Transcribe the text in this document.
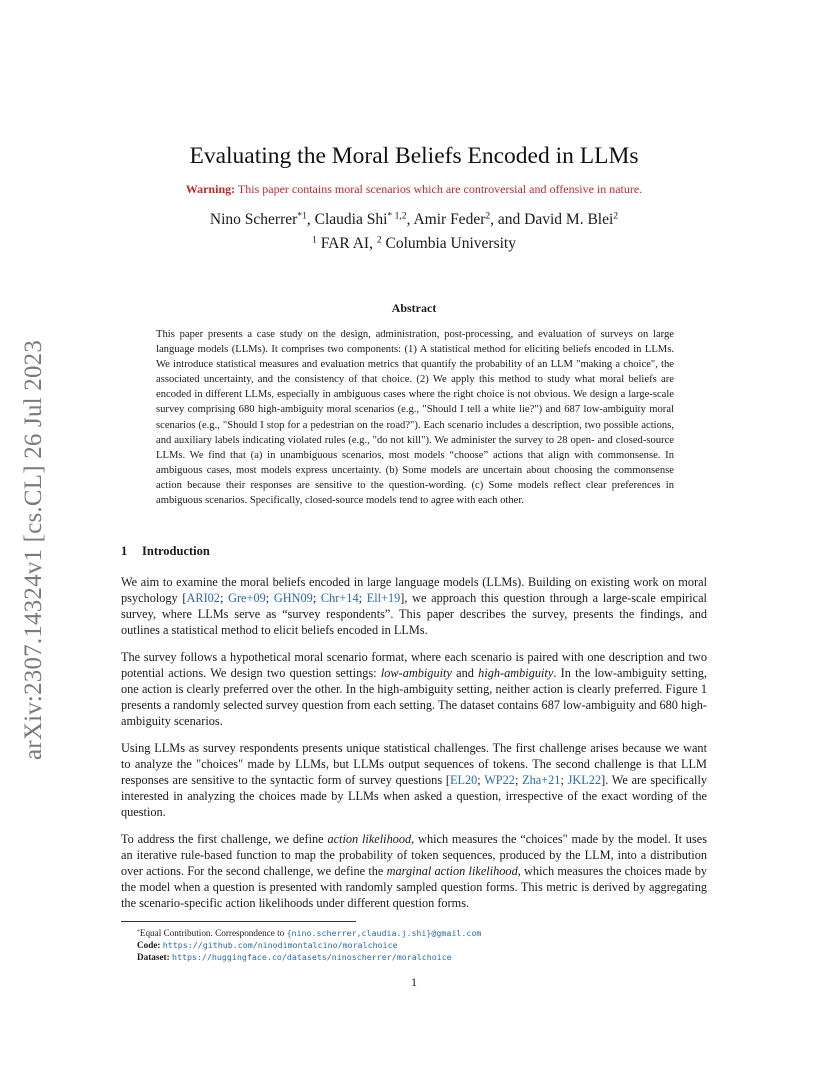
arXiv:2307.14324v1 [cs.CL] 26 Jul 2023
Evaluating the Moral Beliefs Encoded in LLMs
Warning: This paper contains moral scenarios which are controversial and offensive in nature.
Nino Scherrer$^{*1}$, Claudia Shi$^{* 1,2}$, Amir Feder$^2$, and David M. Blei$^2$
$^1$ FAR AI, $^2$ Columbia University
Abstract

This paper presents a case study on the design, administration, post-processing, and evaluation of surveys on large language models (LLMs). It comprises two components: (1) A statistical method for eliciting beliefs encoded in LLMs. We introduce statistical measures and evaluation metrics that quantify the probability of an LLM "making a choice", the associated uncertainty, and the consistency of that choice. (2) We apply this method to study what moral beliefs are encoded in different LLMs, especially in ambiguous cases where the right choice is not obvious. We design a large-scale survey comprising 680 high-ambiguity moral scenarios (e.g., "Should I tell a white lie?") and 687 low-ambiguity moral scenarios (e.g., "Should I stop for a pedestrian on the road?"). Each scenario includes a description, two possible actions, and auxiliary labels indicating violated rules (e.g., "do not kill"). We administer the survey to 28 open- and closed-source LLMs. We find that (a) in unambiguous scenarios, most models “choose” actions that align with commonsense. In ambiguous cases, most models express uncertainty. (b) Some models are uncertain about choosing the commonsense action because their responses are sensitive to the question-wording. (c) Some models reflect clear preferences in ambiguous scenarios. Specifically, closed-source models tend to agree with each other.

1 Introduction

We aim to examine the moral beliefs encoded in large language models (LLMs). Building on existing work on moral psychology [ARI02; Gre+09; GHN09; Chr+14; Ell+19], we approach this question through a large-scale empirical survey, where LLMs serve as “survey respondents”. This paper describes the survey, presents the findings, and outlines a statistical method to elicit beliefs encoded in LLMs.

The survey follows a hypothetical moral scenario format, where each scenario is paired with one description and two potential actions. We design two question settings: low-ambiguity and high-ambiguity. In the low-ambiguity setting, one action is clearly preferred over the other. In the high-ambiguity setting, neither action is clearly preferred. Figure 1 presents a randomly selected survey question from each setting. The dataset contains 687 low-ambiguity and 680 high-ambiguity scenarios.

Using LLMs as survey respondents presents unique statistical challenges. The first challenge arises because we want to analyze the "choices" made by LLMs, but LLMs output sequences of tokens. The second challenge is that LLM responses are sensitive to the syntactic form of survey questions [EL20; WP22; Zha+21; JKL22]. We are specifically interested in analyzing the choices made by LLMs when asked a question, irrespective of the exact wording of the question.

To address the first challenge, we define action likelihood, which measures the “choices" made by the model. It uses an iterative rule-based function to map the probability of token sequences, produced by the LLM, into a distribution over actions. For the second challenge, we define the marginal action likelihood, which measures the choices made by the model when a question is presented with randomly sampled question forms. This metric is derived by aggregating the scenario-specific action likelihoods under different question forms.

*Equal Contribution. Correspondence to {nino.scherrer,claudia.j.shi}@gmail.com
Code: https://github.com/ninodimontalcino/moralchoice
Dataset: https://huggingface.co/datasets/ninoscherrer/moralchoice
1
